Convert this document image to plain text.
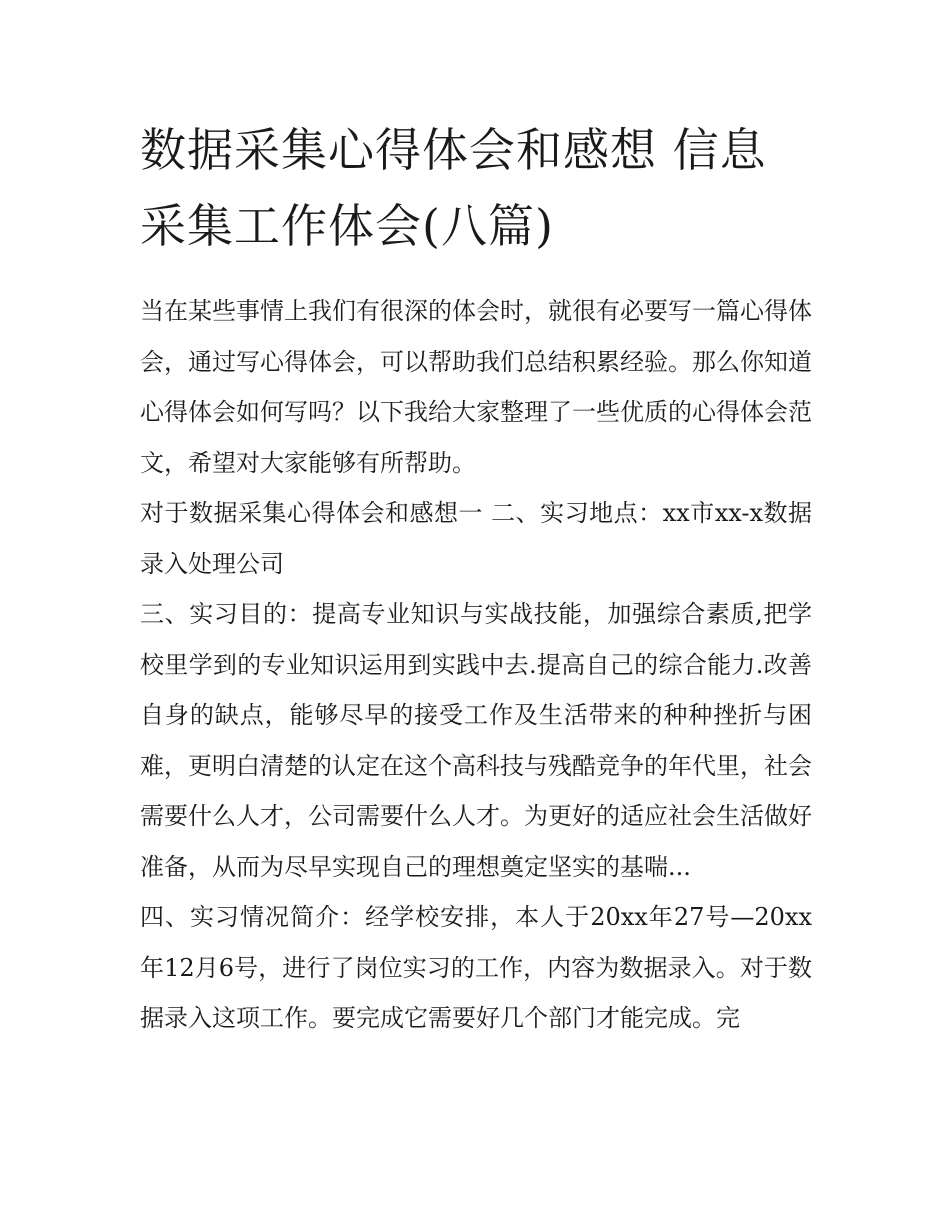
数据采集心得体会和感想 信息采集工作体会(八篇)

当在某些事情上我们有很深的体会时，就很有必要写一篇心得体会，通过写心得体会，可以帮助我们总结积累经验。那么你知道心得体会如何写吗？以下我给大家整理了一些优质的心得体会范文，希望对大家能够有所帮助。

对于数据采集心得体会和感想一 二、实习地点：xx市xx-x数据录入处理公司

三、实习目的：提高专业知识与实战技能，加强综合素质,把学校里学到的专业知识运用到实践中去.提高自己的综合能力.改善自身的缺点，能够尽早的接受工作及生活带来的种种挫折与困难，更明白清楚的认定在这个高科技与残酷竞争的年代里，社会需要什么人才，公司需要什么人才。为更好的适应社会生活做好准备，从而为尽早实现自己的理想奠定坚实的基喘...

四、实习情况简介：经学校安排，本人于20xx年27号—20xx年12月6号，进行了岗位实习的工作，内容为数据录入。对于数据录入这项工作。要完成它需要好几个部门才能完成。完
